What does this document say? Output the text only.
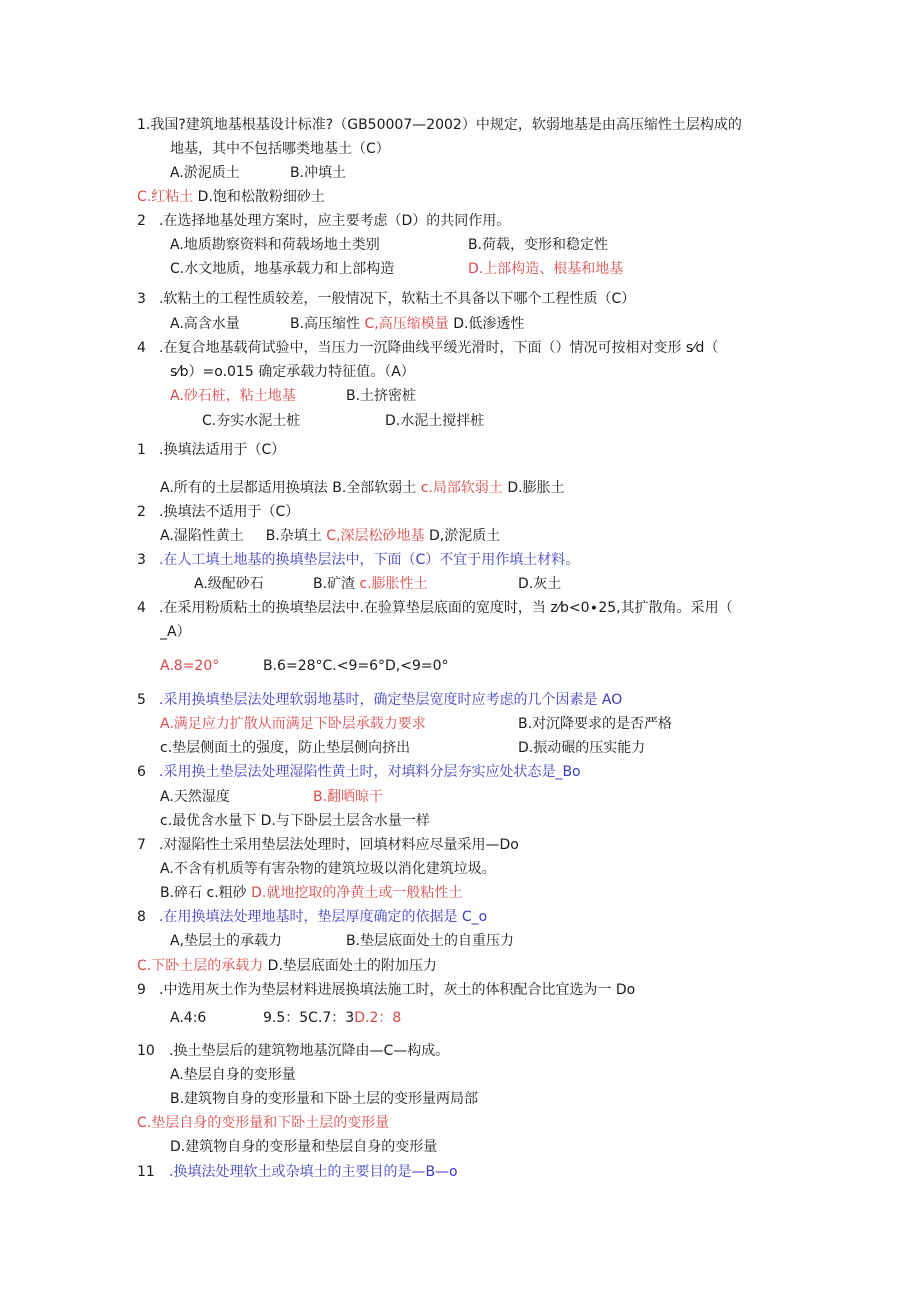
1.我国?建筑地基根基设计标准?（GB50007—2002）中规定，软弱地基是由高压缩性土层构成的
地基，其中不包括哪类地基土（C）
A.淤泥质土	B.冲填土
C.红粘土 D.饱和松散粉细砂土
2 .在选择地基处理方案时，应主要考虑（D）的共同作用。
A.地质勘察资料和荷载场地土类别	B.荷载，变形和稳定性
C.水文地质，地基承载力和上部构造	D.上部构造、根基和地基
3 .软粘土的工程性质较差，一般情况下，软粘土不具备以下哪个工程性质（C）
A.高含水量	B.高压缩性 C,高压缩模量 D.低渗透性
4 .在复合地基载荷试验中，当压力一沉降曲线平缓光滑时，下面（）情况可按相对变形 s⁄d（
s⁄b）=o.015 确定承载力特征值。（A）
A.砂石桩，粘土地基	B.土挤密桩
C.夯实水泥土桩	D.水泥土搅拌桩
1 .换填法适用于（C）
A.所有的土层都适用换填法 B.全部软弱土 c.局部软弱土 D.膨胀土
2 .换填法不适用于（C）
A.湿陷性黄土 B.杂填土 C,深层松砂地基 D,淤泥质土
3 .在人工填土地基的换填垫层法中，下面（C）不宜于用作填土材料。
A.级配砂石	B.矿渣 c.膨胀性土	D.灰土
4 .在采用粉质粘土的换填垫层法中.在验算垫层底面的宽度时，当 z⁄b<0∙25,其扩散角。采用（
_A）
A.8=20°	B.6=28°C.<9=6°D,<9=0°
5 .采用换填垫层法处理软弱地基时，确定垫层宽度时应考虑的几个因素是 AO
A.满足应力扩散从而满足下卧层承载力要求	B.对沉降要求的是否严格
c.垫层侧面土的强度，防止垫层侧向挤出	D.振动碾的压实能力
6 .采用换土垫层法处理湿陷性黄土时，对填料分层夯实应处状态是_Bo
A.天然湿度	B.翻晒晾干
c.最优含水量下 D.与下卧层土层含水量一样
7 .对湿陷性土采用垫层法处理时，回填材料应尽量采用—Do
A.不含有机质等有害杂物的建筑垃圾以消化建筑垃圾。
B.碎石 c.粗砂 D.就地挖取的净黄土或一般粘性土
8 .在用换填法处理地基时，垫层厚度确定的依据是 C_o
A,垫层土的承载力	B.垫层底面处土的自重压力
C.下卧土层的承载力 D.垫层底面处土的附加压力
9 .中选用灰土作为垫层材料进展换填法施工时，灰土的体积配合比宜选为一 Do
A.4:6	9.5：5C.7：3D.2：8
10 .换土垫层后的建筑物地基沉降由—C—构成。
A.垫层自身的变形量
B.建筑物自身的变形量和下卧土层的变形量两局部
C.垫层自身的变形量和下卧土层的变形量
D.建筑物自身的变形量和垫层自身的变形量
11 .换填法处理软土或杂填土的主要目的是—B—o
